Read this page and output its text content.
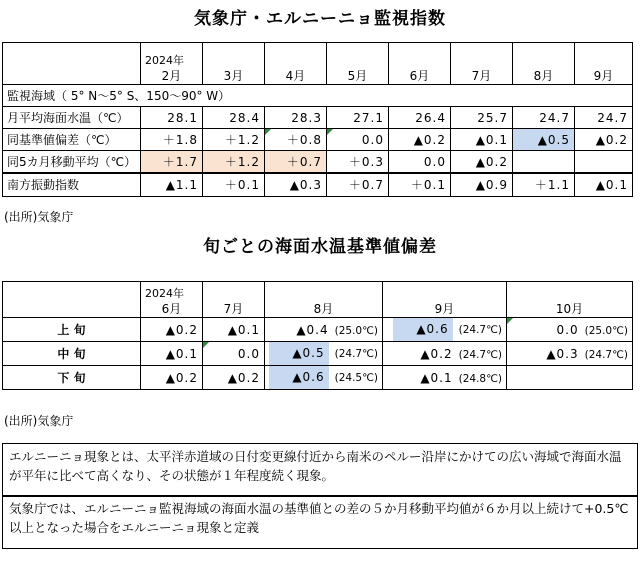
気象庁・エルニーニョ監視指数

	2024年
2月	3月	4月	5月	6月	7月	8月	9月
監視海域（ 5° N～5° S、150～90° W）								
月平均海面水温（℃）	28.1	28.4	28.3	27.1	26.4	25.7	24.7	24.7
同基準値偏差（℃）	＋1.8	＋1.2	＋0.8	0.0	▲0.2	▲0.1	▲0.5	▲0.2
同5カ月移動平均（℃）	＋1.7	＋1.2	＋0.7	＋0.3	0.0	▲0.2		
南方振動指数	▲1.1	＋0.1	▲0.3	＋0.7	＋0.1	▲0.9	＋1.1	▲0.1
(出所)気象庁
旬ごとの海面水温基準値偏差

	2024年
6月	7月	8月	9月	10月
上 旬	▲0.2	▲0.1	▲0.4 (25.0℃)	▲0.6 (24.7℃)	0.0 (25.0℃)
中 旬	▲0.1	0.0	▲0.5 (24.7℃)	▲0.2 (24.7℃)	▲0.3 (24.7℃)
下 旬	▲0.2	▲0.2	▲0.6 (24.5℃)	▲0.1 (24.8℃)	
(出所)気象庁
エルニーニョ現象とは、太平洋赤道域の日付変更線付近から南米のペルー沿岸にかけての広い海域で海面水温が平年に比べて高くなり、その状態が１年程度続く現象。
気象庁では、エルニーニョ監視海域の海面水温の基準値との差の５か月移動平均値が６か月以上続けて+0.5℃以上となった場合をエルニーニョ現象と定義
